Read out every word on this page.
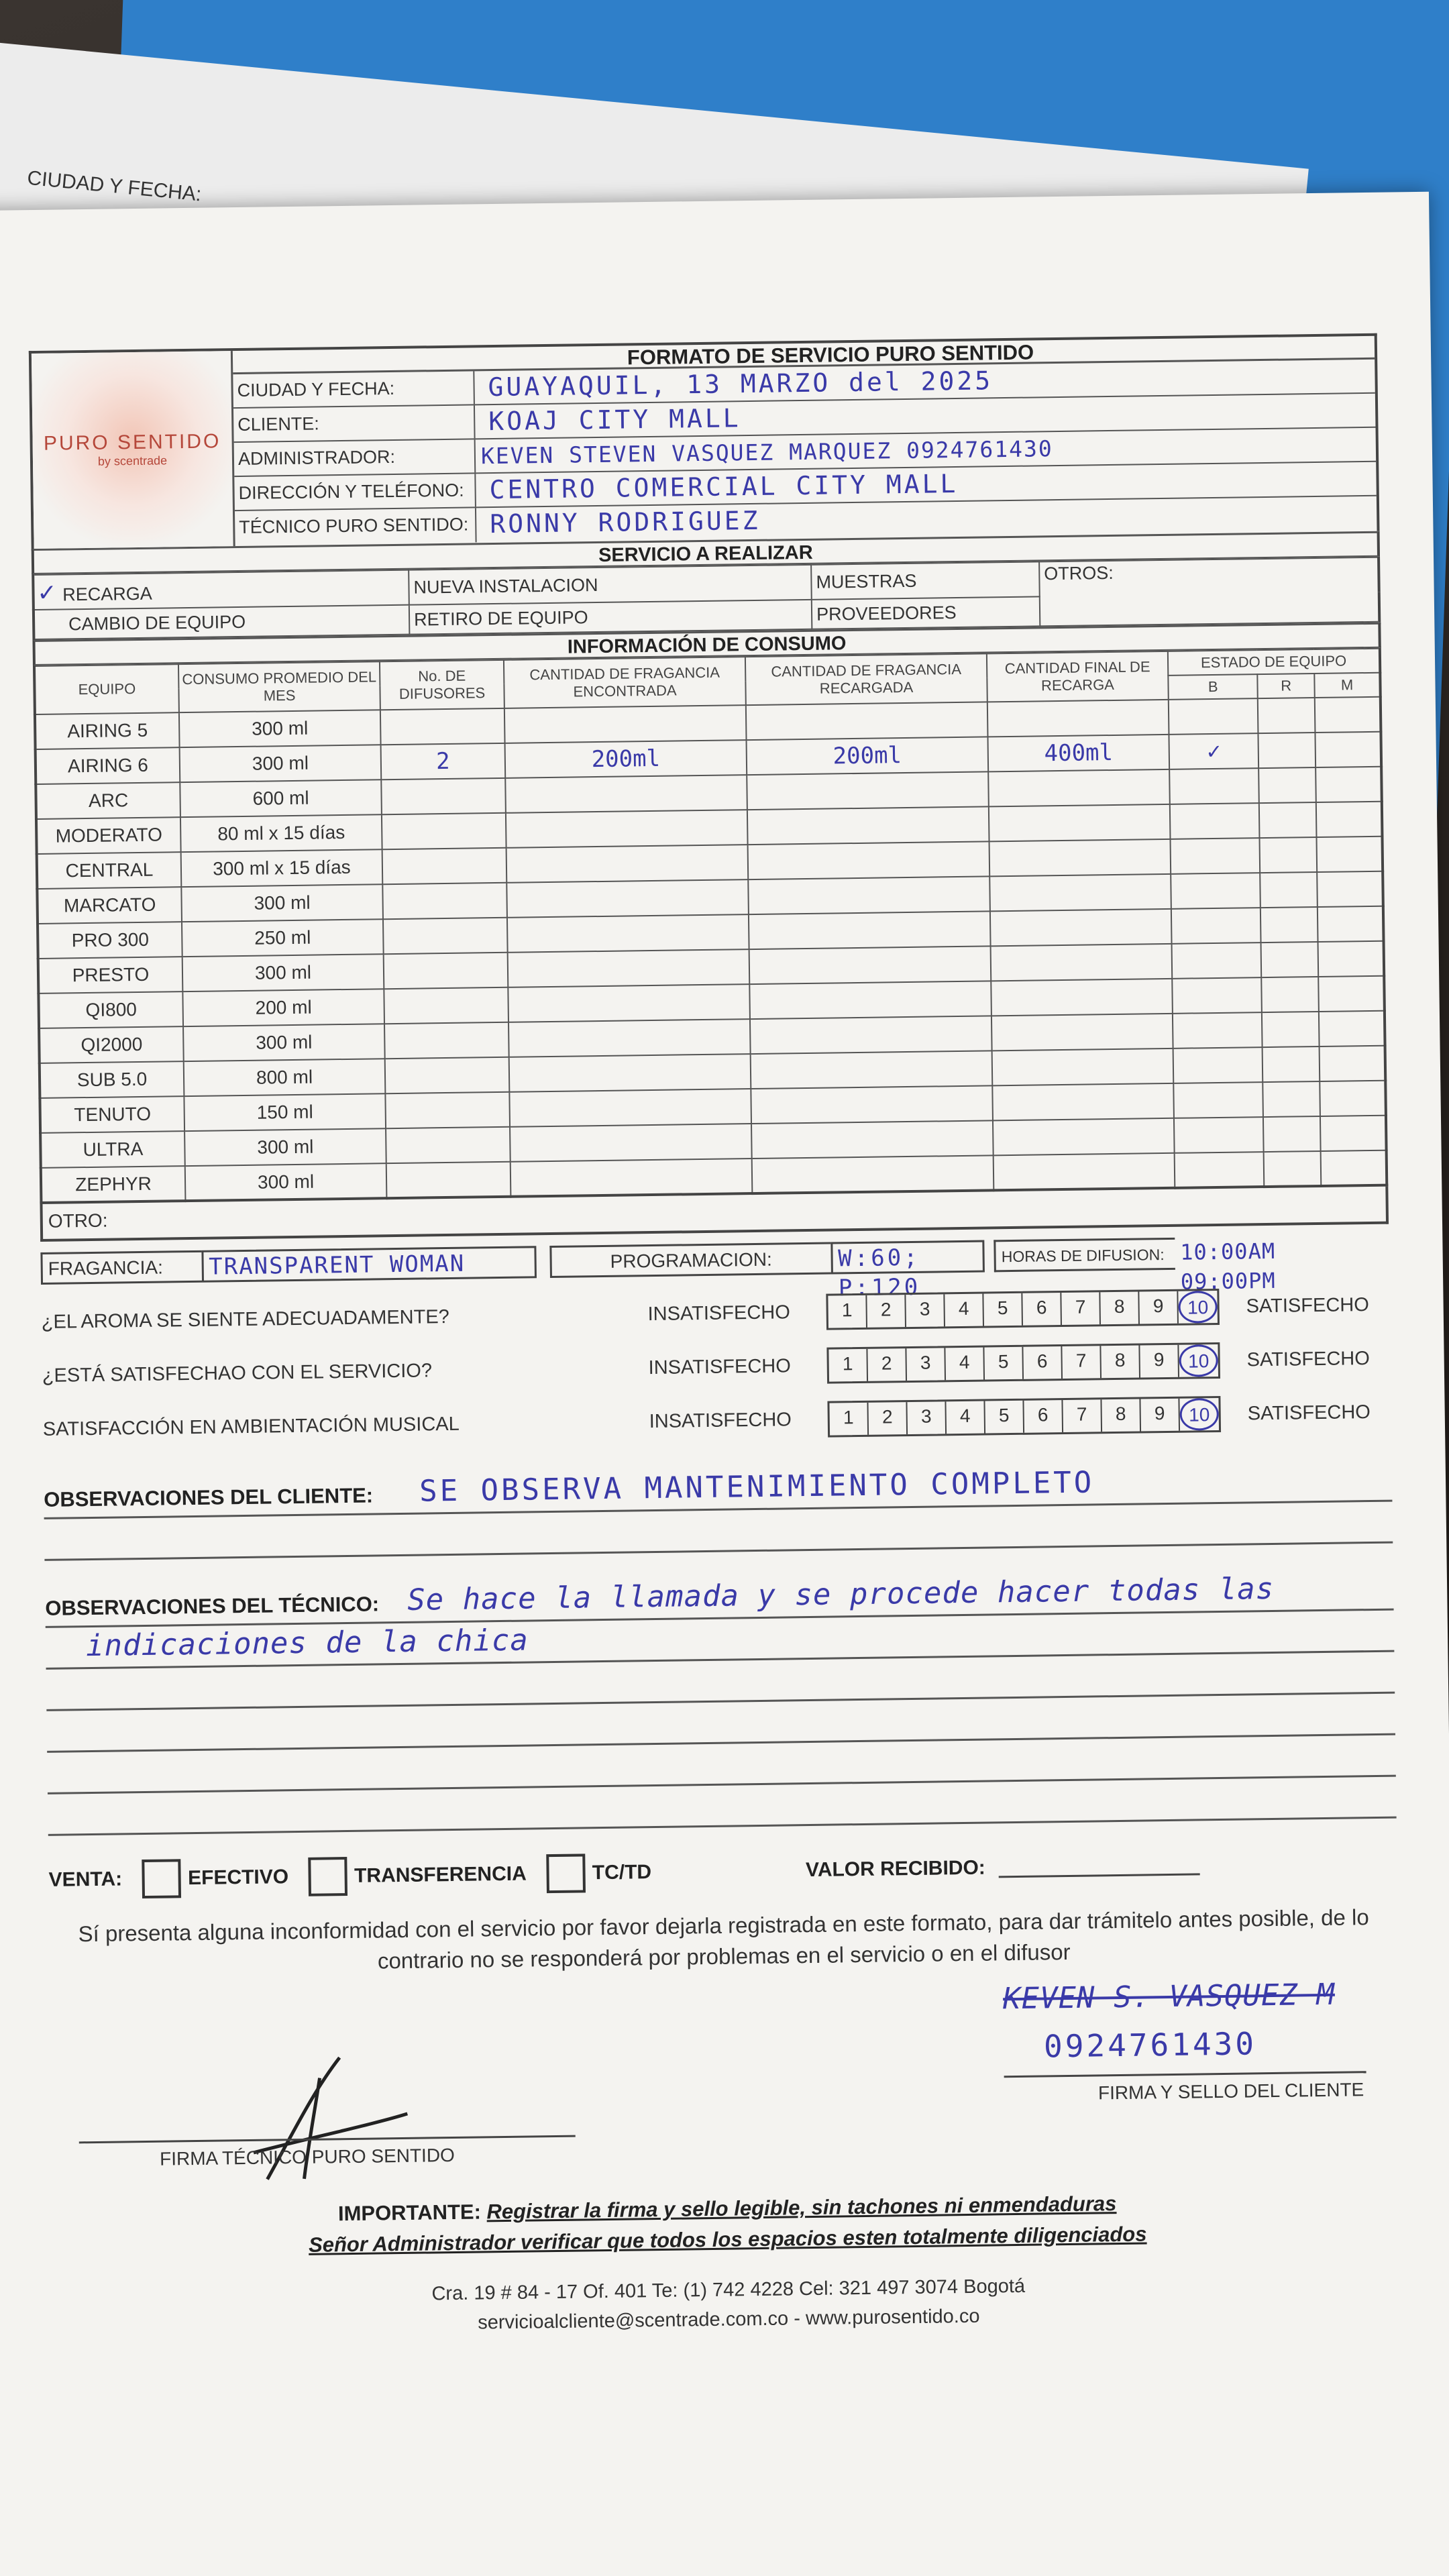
CIUDAD Y FECHA:
PURO SENTIDO
by scentrade
FORMATO DE SERVICIO PURO SENTIDO
CIUDAD Y FECHA:	GUAYAQUIL, 13 MARZO del 2025
CLIENTE:	KOAJ CITY MALL
ADMINISTRADOR:	KEVEN STEVEN VASQUEZ MARQUEZ 0924761430
DIRECCIÓN Y TELÉFONO: CENTRO COMERCIAL CITY MALL
TÉCNICO PURO SENTIDO: RONNY RODRIGUEZ
SERVICIO A REALIZAR
✓ RECARGA	NUEVA INSTALACION	MUESTRAS	OTROS:
CAMBIO DE EQUIPO	RETIRO DE EQUIPO	PROVEEDORES	
INFORMACIÓN DE CONSUMO
EQUIPO	CONSUMO PROMEDIO DEL MES	No. DE DIFUSORES	CANTIDAD DE FRAGANCIA ENCONTRADA	CANTIDAD DE FRAGANCIA RECARGADA	CANTIDAD FINAL DE RECARGA	ESTADO DE EQUIPO		
						B	R	M
AIRING 5	300 ml							
AIRING 6	300 ml	2	200ml	200ml	400ml	✓		
ARC	600 ml							
MODERATO	80 ml x 15 días							
CENTRAL	300 ml x 15 días							
MARCATO	300 ml							
PRO 300	250 ml							
PRESTO	300 ml							
QI800	200 ml							
QI2000	300 ml							
SUB 5.0	800 ml							
TENUTO	150 ml							
ULTRA	300 ml							
ZEPHYR	300 ml							
OTRO:
FRAGANCIA:	TRANSPARENT WOMAN	PROGRAMACION:	W:60; P:120
HORAS DE DIFUSION: 10:00AM 09:00PM
¿EL AROMA SE SIENTE ADECUADAMENTE?	INSATISFECHO	1	2	3	4	5	6	7	8	9	10	SATISFECHO
¿ESTÁ SATISFECHAO CON EL SERVICIO?	INSATISFECHO	1	2	3	4	5	6	7	8	9	10	SATISFECHO
SATISFACCIÓN EN AMBIENTACIÓN MUSICAL	INSATISFECHO	1	2	3	4	5	6	7	8	9	10	SATISFECHO
OBSERVACIONES DEL CLIENTE: SE OBSERVA MANTENIMIENTO COMPLETO
OBSERVACIONES DEL TÉCNICO: Se hace la llamada y se procede hacer todas las
indicaciones de la chica
VENTA:	EFECTIVO	TRANSFERENCIA	TC/TD	VALOR RECIBIDO:
Sí presenta alguna inconformidad con el servicio por favor dejarla registrada en este formato, para dar trámitelo antes posible, de lo contrario no se responderá por problemas en el servicio o en el difusor
KEVEN S. VASQUEZ M
0924761430
FIRMA Y SELLO DEL CLIENTE
FIRMA TÉCNICO PURO SENTIDO
IMPORTANTE: Registrar la firma y sello legible, sin tachones ni enmendaduras
Señor Administrador verificar que todos los espacios esten totalmente diligenciados
Cra. 19 # 84 - 17 Of. 401 Te: (1) 742 4228 Cel: 321 497 3074 Bogotá
servicioalcliente@scentrade.com.co - www.purosentido.co
